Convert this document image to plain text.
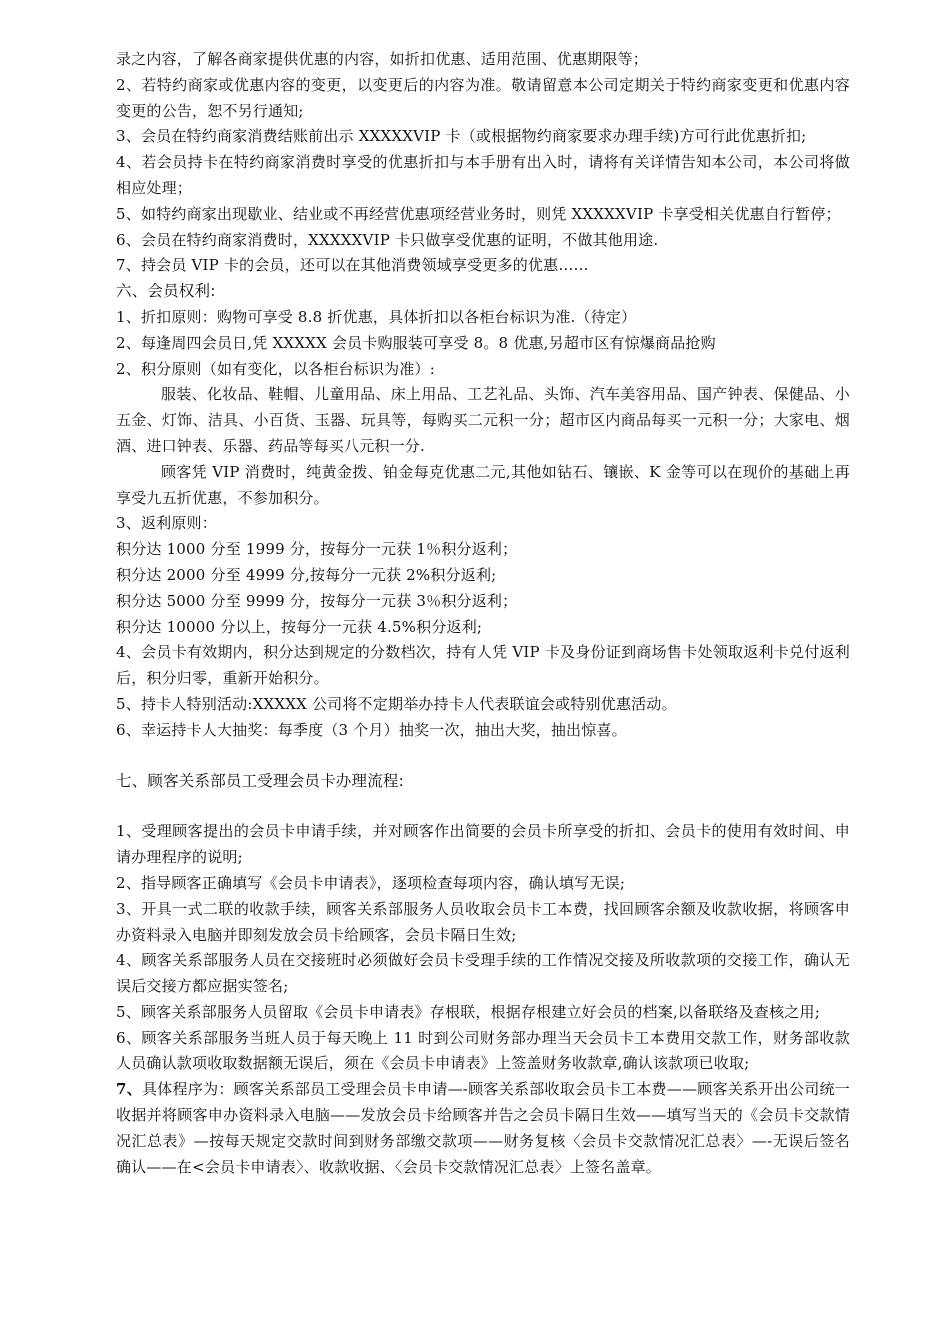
录之内容，了解各商家提供优惠的内容，如折扣优惠、适用范围、优惠期限等；

2、若特约商家或优惠内容的变更，以变更后的内容为准。敬请留意本公司定期关于特约商家变更和优惠内容变更的公告，恕不另行通知;

3、会员在特约商家消费结账前出示 XXXXXVIP 卡（或根据物约商家要求办理手续)方可行此优惠折扣;

4、若会员持卡在特约商家消费时享受的优惠折扣与本手册有出入时，请将有关详情告知本公司，本公司将做相应处理；

5、如特约商家出现歇业、结业或不再经营优惠项经营业务时，则凭 XXXXXVIP 卡享受相关优惠自行暂停；

6、会员在特约商家消费时，XXXXXVIP 卡只做享受优惠的证明，不做其他用途.

7、持会员 VIP 卡的会员，还可以在其他消费领域享受更多的优惠……

六、会员权利:

1、折扣原则：购物可享受 8.8 折优惠，具体折扣以各柜台标识为准.（待定）

2、每逢周四会员日,凭 XXXXX 会员卡购服装可享受 8。8 优惠,另超市区有惊爆商品抢购

2、积分原则（如有变化，以各柜台标识为准）:

服装、化妆品、鞋帽、儿童用品、床上用品、工艺礼品、头饰、汽车美容用品、国产钟表、保健品、小五金、灯饰、洁具、小百货、玉器、玩具等，每购买二元积一分；超市区内商品每买一元积一分；大家电、烟酒、进口钟表、乐器、药品等每买八元积一分.

顾客凭 VIP 消费时，纯黄金拨、铂金每克优惠二元,其他如钻石、镶嵌、K 金等可以在现价的基础上再享受九五折优惠，不参加积分。

3、返利原则：

积分达 1000 分至 1999 分，按每分一元获 1％积分返利；

积分达 2000 分至 4999 分,按每分一元获 2%积分返利;

积分达 5000 分至 9999 分，按每分一元获 3％积分返利；

积分达 10000 分以上，按每分一元获 4.5%积分返利;

4、会员卡有效期内，积分达到规定的分数档次，持有人凭 VIP 卡及身份证到商场售卡处领取返利卡兑付返利后，积分归零，重新开始积分。

5、持卡人特别活动:XXXXX 公司将不定期举办持卡人代表联谊会或特别优惠活动。

6、幸运持卡人大抽奖：每季度（3 个月）抽奖一次，抽出大奖，抽出惊喜。

七、顾客关系部员工受理会员卡办理流程:

1、受理顾客提出的会员卡申请手续，并对顾客作出简要的会员卡所享受的折扣、会员卡的使用有效时间、申请办理程序的说明;

2、指导顾客正确填写《会员卡申请表》，逐项检查每项内容，确认填写无误;

3、开具一式二联的收款手续，顾客关系部服务人员收取会员卡工本费，找回顾客余额及收款收据，将顾客申办资料录入电脑并即刻发放会员卡给顾客，会员卡隔日生效;

4、顾客关系部服务人员在交接班时必须做好会员卡受理手续的工作情况交接及所收款项的交接工作，确认无误后交接方都应据实签名;

5、顾客关系部服务人员留取《会员卡申请表》存根联，根据存根建立好会员的档案,以备联络及查核之用;

6、顾客关系部服务当班人员于每天晚上 11 时到公司财务部办理当天会员卡工本费用交款工作，财务部收款人员确认款项收取数据额无误后，须在《会员卡申请表》上签盖财务收款章,确认该款项已收取;

7、具体程序为：顾客关系部员工受理会员卡申请—-顾客关系部收取会员卡工本费——顾客关系开出公司统一收据并将顾客申办资料录入电脑——发放会员卡给顾客并告之会员卡隔日生效——填写当天的《会员卡交款情况汇总表》—按每天规定交款时间到财务部缴交款项——财务复核〈会员卡交款情况汇总表〉—-无误后签名确认——在<会员卡申请表〉、收款收据、〈会员卡交款情况汇总表〉上签名盖章。
